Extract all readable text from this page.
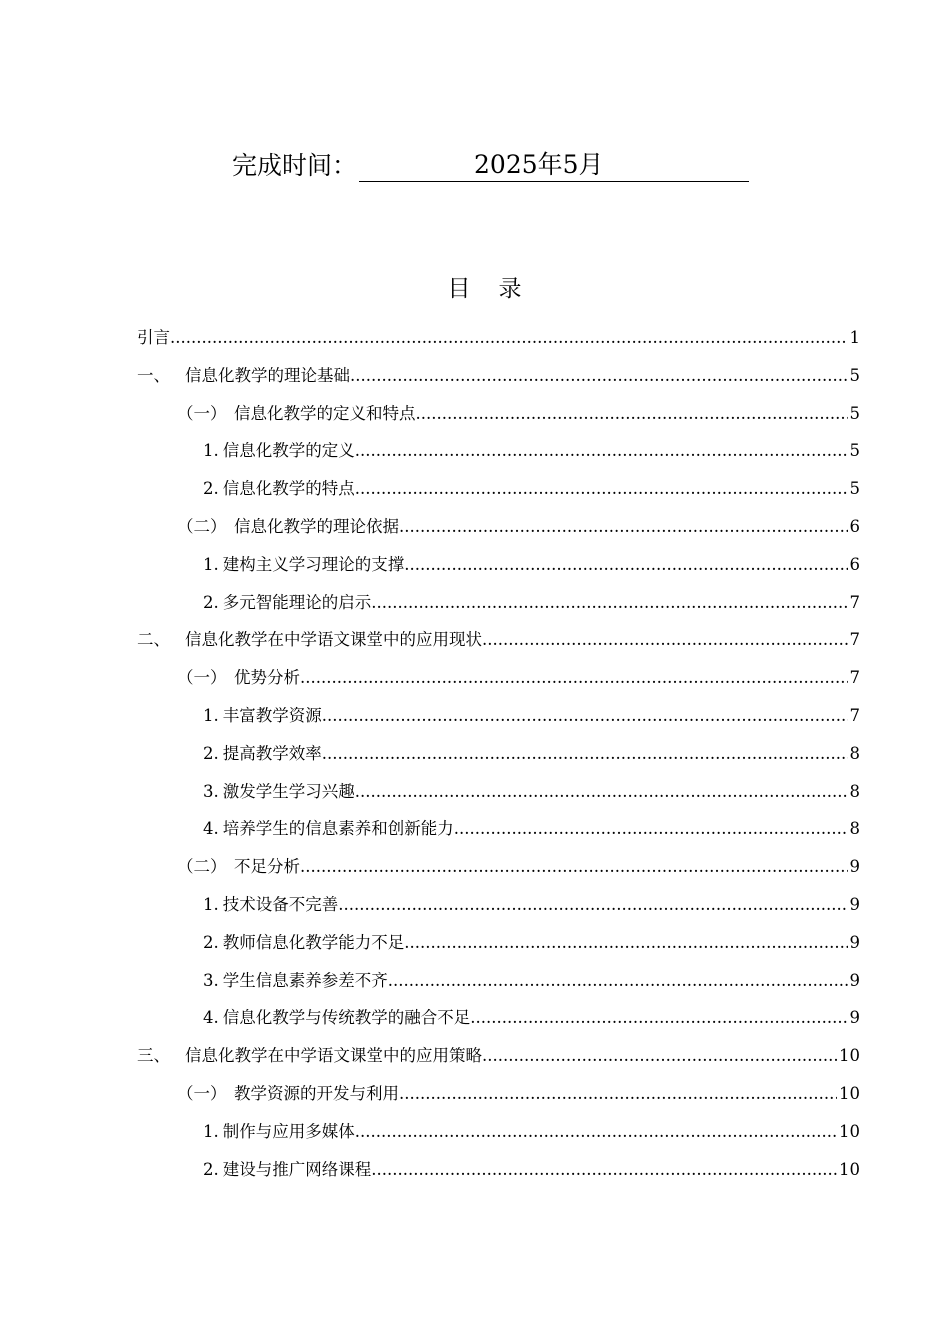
完成时间：	2025年5月
目录
引言 .....	1
一、 信息化教学的理论基础 .....	5
（一） 信息化教学的定义和特点 .....	5
1. 信息化教学的定义 .....	5
2. 信息化教学的特点 .....	5
（二） 信息化教学的理论依据 .....	6
1. 建构主义学习理论的支撑 .....	6
2. 多元智能理论的启示 .....	7
二、 信息化教学在中学语文课堂中的应用现状 .....	7
（一） 优势分析 .....	7
1. 丰富教学资源 .....	7
2. 提高教学效率 .....	8
3. 激发学生学习兴趣 .....	8
4. 培养学生的信息素养和创新能力 .....	8
（二） 不足分析 .....	9
1. 技术设备不完善 .....	9
2. 教师信息化教学能力不足 .....	9
3. 学生信息素养参差不齐 .....	9
4. 信息化教学与传统教学的融合不足 .....	9
三、 信息化教学在中学语文课堂中的应用策略 .....	10
（一） 教学资源的开发与利用 .....	10
1. 制作与应用多媒体 .....	10
2. 建设与推广网络课程 .....	10
